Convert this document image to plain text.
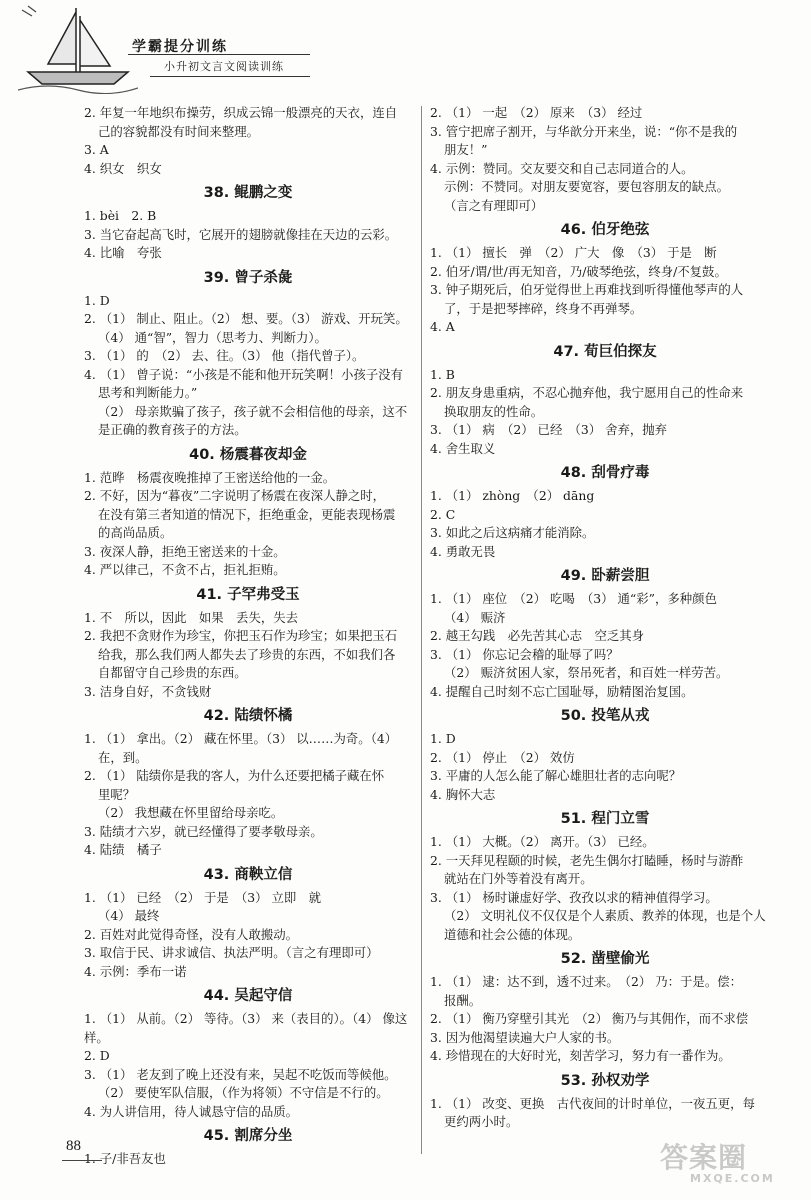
学霸提分训练
小升初文言文阅读训练
2. 年复一年地织布操劳，织成云锦一般漂亮的天衣，连自
己的容貌都没有时间来整理。
3. A
4. 织女　织女
38. 鲲鹏之变
1. bèi　2. B
3. 当它奋起高飞时，它展开的翅膀就像挂在天边的云彩。
4. 比喻　夸张
39. 曾子杀彘
1. D
2. （1） 制止、阻止。（2） 想、要。（3） 游戏、开玩笑。
（4） 通“智”，智力（思考力、判断力）。
3. （1） 的　（2） 去、往。（3） 他（指代曾子）。
4. （1） 曾子说：“小孩是不能和他开玩笑啊！小孩子没有
思考和判断能力。”
（2） 母亲欺骗了孩子，孩子就不会相信他的母亲，这不
是正确的教育孩子的方法。
40. 杨震暮夜却金
1. 范晔　杨震夜晚推掉了王密送给他的一金。
2. 不好，因为“暮夜”二字说明了杨震在夜深人静之时，
在没有第三者知道的情况下，拒绝重金，更能表现杨震
的高尚品质。
3. 夜深人静，拒绝王密送来的十金。
4. 严以律己，不贪不占，拒礼拒贿。
41. 子罕弗受玉
1. 不　所以，因此　如果　丢失，失去
2. 我把不贪财作为珍宝，你把玉石作为珍宝；如果把玉石
给我，那么我们两人都失去了珍贵的东西，不如我们各
自都留守自己珍贵的东西。
3. 洁身自好，不贪钱财
42. 陆绩怀橘
1. （1） 拿出。（2） 藏在怀里。（3） 以……为奇。（4）
在，到。
2. （1） 陆绩你是我的客人，为什么还要把橘子藏在怀
里呢？
（2） 我想藏在怀里留给母亲吃。
3. 陆绩才六岁，就已经懂得了要孝敬母亲。
4. 陆绩　橘子
43. 商鞅立信
1. （1） 已经　（2） 于是　（3） 立即　就
（4） 最终
2. 百姓对此觉得奇怪，没有人敢搬动。
3. 取信于民、讲求诚信、执法严明。（言之有理即可）
4. 示例：季布一诺
44. 吴起守信
1. （1） 从前。（2） 等待。（3） 来（表目的）。（4） 像这样。
2. D
3. （1） 老友到了晚上还没有来，吴起不吃饭而等候他。
（2） 要使军队信服，（作为将领）不守信是不行的。
4. 为人讲信用，待人诚恳守信的品质。
45. 割席分坐
1. 子/非吾友也
2. （1） 一起　（2） 原来　（3） 经过
3. 管宁把席子割开，与华歆分开来坐，说：“你不是我的
朋友！”
4. 示例：赞同。交友要交和自己志同道合的人。
示例：不赞同。对朋友要宽容，要包容朋友的缺点。
（言之有理即可）
46. 伯牙绝弦
1. （1） 擅长　弹　（2） 广大　像　（3） 于是　断
2. 伯牙/谓/世/再无知音，乃/破琴绝弦，终身/不复鼓。
3. 钟子期死后，伯牙觉得世上再难找到听得懂他琴声的人
了，于是把琴摔碎，终身不再弹琴。
4. A
47. 荀巨伯探友
1. B
2. 朋友身患重病，不忍心抛弃他，我宁愿用自己的性命来
换取朋友的性命。
3. （1） 病　（2） 已经　（3） 舍弃，抛弃
4. 舍生取义
48. 刮骨疗毒
1. （1） zhòng　（2） dāng
2. C
3. 如此之后这病痛才能消除。
4. 勇敢无畏
49. 卧薪尝胆
1. （1） 座位　（2） 吃喝　（3） 通“彩”，多种颜色
（4） 赈济
2. 越王勾践　必先苦其心志　空乏其身
3. （1） 你忘记会稽的耻辱了吗？
（2） 赈济贫困人家，祭吊死者，和百姓一样劳苦。
4. 提醒自己时刻不忘亡国耻辱，励精图治复国。
50. 投笔从戎
1. D
2. （1） 停止　（2） 效仿
3. 平庸的人怎么能了解心雄胆壮者的志向呢？
4. 胸怀大志
51. 程门立雪
1. （1） 大概。（2） 离开。（3） 已经。
2. 一天拜见程颐的时候，老先生偶尔打瞌睡，杨时与游酢
就站在门外等着没有离开。
3. （1） 杨时谦虚好学、孜孜以求的精神值得学习。
（2） 文明礼仪不仅仅是个人素质、教养的体现，也是个人
道德和社会公德的体现。
52. 凿壁偷光
1. （1） 逮：达不到，透不过来。　（2） 乃：于是。偿：
报酬。
2. （1） 衡乃穿壁引其光　（2） 衡乃与其佣作，而不求偿
3. 因为他渴望读遍大户人家的书。
4. 珍惜现在的大好时光，刻苦学习，努力有一番作为。
53. 孙权劝学
1. （1） 改变、更换　古代夜间的计时单位，一夜五更，每
更约两小时。
88	答案圈
MXQE.COM
